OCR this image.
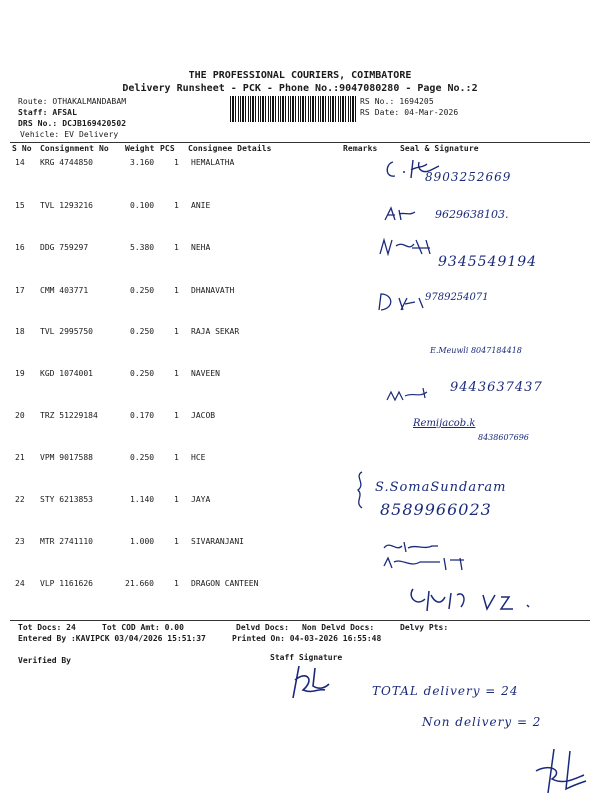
THE PROFESSIONAL COURIERS, COIMBATORE
Delivery Runsheet - PCK - Phone No.:9047080280 - Page No.:2
Route: OTHAKALMANDABAM
Staff: AFSAL
DRS No.: DCJB169420502
Vehicle: EV Delivery
RS No.: 1694205
RS Date: 04-Mar-2026
S No Consignment No Weight PCS Consignee Details	Remarks	Seal & Signature
14 KRG 4744850	3.160 1 HEMALATHA
15 TVL 1293216	0.100 1 ANIE
16 DDG 759297	5.380 1 NEHA
17 CMM 403771	0.250 1 DHANAVATH
18 TVL 2995750	0.250 1 RAJA SEKAR
19 KGD 1074001	0.250 1 NAVEEN
20 TRZ 51229184	0.170 1 JACOB
21 VPM 9017588	0.250 1 HCE
22 STY 6213853	1.140 1 JAYA
23 MTR 2741110	1.000 1 SIVARANJANI
24 VLP 1161626	21.660	1 DRAGON CANTEEN
8903252669
9629638103.
9345549194
9789254071
E.Meuwli 8047184418
9443637437
Remijacob.k
8438607696
S.SomaSundaram
8589966023
Tot Docs: 24	Tot COD Amt: 0.00	Delvd Docs: Non Delvd Docs:	Delvy Pts:
Entered By :KAVIPCK 03/04/2026 15:51:37	Printed On: 04-03-2026 16:55:48
Verified By	Staff Signature
TOTAL delivery = 24
Non delivery = 2
